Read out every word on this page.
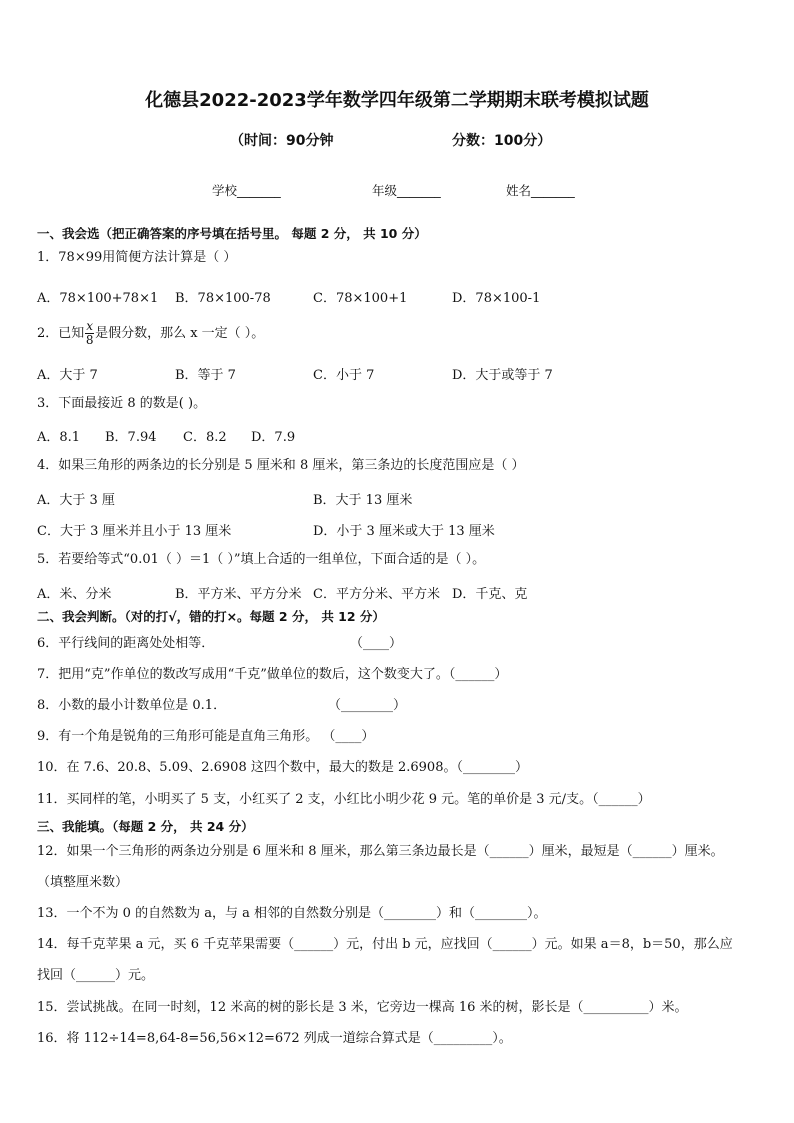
化德县2022-2023学年数学四年级第二学期期末联考模拟试题
（时间：90分钟	分数：100分）
学校_______	年级_______	姓名_______
一、我会选（把正确答案的序号填在括号里。 每题 2 分， 共 10 分）
1．78×99用简便方法计算是（ ）
A．78×100+78×1 B．78×100-78	C．78×100+1	D．78×100-1
2．已知 $\frac{x}{8}$ 是假分数，那么 x 一定（ ）。
A．大于 7	B．等于 7	C．小于 7	D．大于或等于 7
3．下面最接近 8 的数是( )。
A．8.1 B．7.94 C．8.2 D．7.9
4．如果三角形的两条边的长分别是 5 厘米和 8 厘米，第三条边的长度范围应是（ ）
A．大于 3 厘	B．大于 13 厘米
C．大于 3 厘米并且小于 13 厘米	D．小于 3 厘米或大于 13 厘米
5．若要给等式“0.01（ ）＝1（ ）”填上合适的一组单位，下面合适的是（ ）。
A．米、分米	B．平方米、平方分米 C．平方分米、平方米 D．千克、克
二、我会判断。（对的打√，错的打×。每题 2 分， 共 12 分）
6．平行线间的距离处处相等．	（____）
7．把用“克”作单位的数改写成用“千克”做单位的数后，这个数变大了。（______）
8．小数的最小计数单位是 0.1．	（________）
9．有一个角是锐角的三角形可能是直角三角形。 （____）
10．在 7.6、20.8、5.09、2.6908 这四个数中，最大的数是 2.6908。（________）
11．买同样的笔，小明买了 5 支，小红买了 2 支，小红比小明少花 9 元。笔的单价是 3 元/支。（______）
三、我能填。（每题 2 分， 共 24 分）
12．如果一个三角形的两条边分别是 6 厘米和 8 厘米，那么第三条边最长是（______）厘米，最短是（______）厘米。
（填整厘米数）
13．一个不为 0 的自然数为 a，与 a 相邻的自然数分别是（________）和（________）。
14．每千克苹果 a 元，买 6 千克苹果需要（______）元，付出 b 元，应找回（______）元。如果 a＝8，b＝50，那么应
找回（______）元。
15．尝试挑战。在同一时刻，12 米高的树的影长是 3 米，它旁边一棵高 16 米的树，影长是（__________）米。
16．将 112÷14=8,64-8=56,56×12=672 列成一道综合算式是（_________）。
